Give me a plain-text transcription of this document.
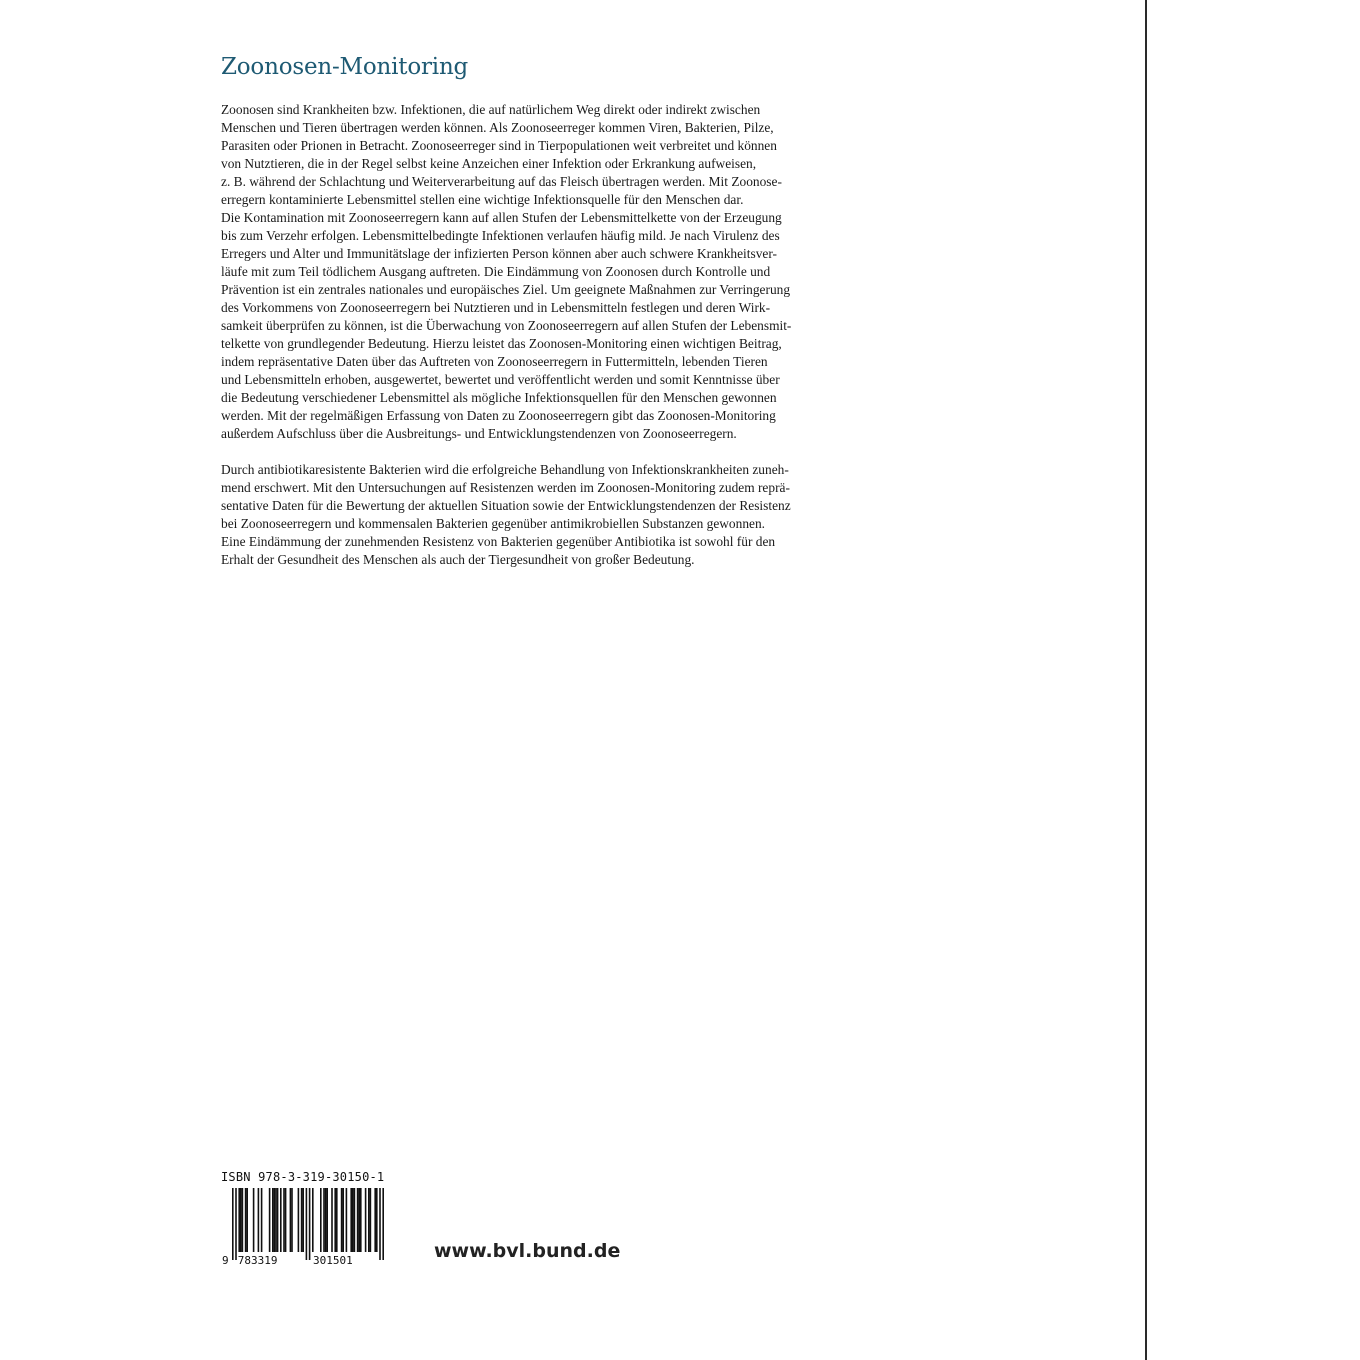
Zoonosen-Monitoring

Zoonosen sind Krankheiten bzw. Infektionen, die auf natürlichem Weg direkt oder indirekt zwischen
Menschen und Tieren übertragen werden können. Als Zoonoseerreger kommen Viren, Bakterien, Pilze,
Parasiten oder Prionen in Betracht. Zoonoseerreger sind in Tierpopulationen weit verbreitet und können
von Nutztieren, die in der Regel selbst keine Anzeichen einer Infektion oder Erkrankung aufweisen,
z. B. während der Schlachtung und Weiterverarbeitung auf das Fleisch übertragen werden. Mit Zoonose-
erregern kontaminierte Lebensmittel stellen eine wichtige Infektionsquelle für den Menschen dar.
Die Kontamination mit Zoonoseerregern kann auf allen Stufen der Lebensmittelkette von der Erzeugung
bis zum Verzehr erfolgen. Lebensmittelbedingte Infektionen verlaufen häufig mild. Je nach Virulenz des
Erregers und Alter und Immunitätslage der infizierten Person können aber auch schwere Krankheitsver-
läufe mit zum Teil tödlichem Ausgang auftreten. Die Eindämmung von Zoonosen durch Kontrolle und
Prävention ist ein zentrales nationales und europäisches Ziel. Um geeignete Maßnahmen zur Verringerung
des Vorkommens von Zoonoseerregern bei Nutztieren und in Lebensmitteln festlegen und deren Wirk-
samkeit überprüfen zu können, ist die Überwachung von Zoonoseerregern auf allen Stufen der Lebensmit-
telkette von grundlegender Bedeutung. Hierzu leistet das Zoonosen-Monitoring einen wichtigen Beitrag,
indem repräsentative Daten über das Auftreten von Zoonoseerregern in Futtermitteln, lebenden Tieren
und Lebensmitteln erhoben, ausgewertet, bewertet und veröffentlicht werden und somit Kenntnisse über
die Bedeutung verschiedener Lebensmittel als mögliche Infektionsquellen für den Menschen gewonnen
werden. Mit der regelmäßigen Erfassung von Daten zu Zoonoseerregern gibt das Zoonosen-Monitoring
außerdem Aufschluss über die Ausbreitungs- und Entwicklungstendenzen von Zoonoseerregern.

Durch antibiotikaresistente Bakterien wird die erfolgreiche Behandlung von Infektionskrankheiten zuneh-
mend erschwert. Mit den Untersuchungen auf Resistenzen werden im Zoonosen-Monitoring zudem reprä-
sentative Daten für die Bewertung der aktuellen Situation sowie der Entwicklungstendenzen der Resistenz
bei Zoonoseerregern und kommensalen Bakterien gegenüber antimikrobiellen Substanzen gewonnen.
Eine Eindämmung der zunehmenden Resistenz von Bakterien gegenüber Antibiotika ist sowohl für den
Erhalt der Gesundheit des Menschen als auch der Tiergesundheit von großer Bedeutung.

ISBN 978-3-319-30150-1
9 783319	301501	www.bvl.bund.de
